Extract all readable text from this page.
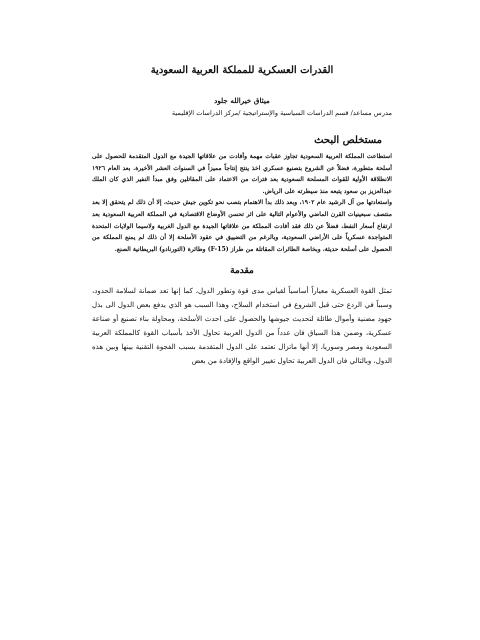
القدرات العسكرية للمملكة العربية السعودية
ميثاق خيرالله جلود
مدرس مساعد/ قسم الدراسات السياسية والإستراتيجية /مركز الدراسات الإقليمية
مستخلص البحث

استطاعت المملكة العربية السعودية تجاوز عقبات مهمة وأفادت من علاقاتها الجيدة مع الدول المتقدمة للحصول على أسلحة متطورة، فضلاً عن الشروع بتصنيع عسكري اخذ ينتج إنتاجاً مميزاً في السنوات العشر الأخيرة. بعد العام ١٩٢٦ الانطلاقة الأولية للقوات المسلحة السعودية بعد فترات من الاعتماد على المقاتلين وفق مبدأ النفير الذي كان الملك عبدالعزيز بن سعود يتبعه منذ سيطرته على الرياض.

واستعادتها من آل الرشيد عام ١٩٠٢، وبعد ذلك بدأ الاهتمام بتصب نحو تكوين جيش حديث، إلا أن ذلك لم يتحقق إلا بعد منتصف سبعينيات القرن الماضي والأعوام التالية على اثر تحسن الأوضاع الاقتصادية في المملكة العربية السعودية بعد ارتفاع أسعار النفط، فضلاً عن ذلك فقد أفادت المملكة من علاقاتها الجيدة مع الدول الغربية ولاسيما الولايات المتحدة المتواجدة عسكرياً على الأراضي السعودية، وبالرغم من التضييق في عقود الأسلحة إلا أن ذلك لم يمنع المملكة من الحصول على أسلحة حديثة، وبخاصة الطائرات المقاتلة من طراز (F-15) وطائرة (التورنادو) البريطانية الصنع.

مقدمة

تمثل القوة العسكرية معياراً أساسياً لقياس مدى قوة وتطور الدول، كما إنها تعد ضمانة لسلامة الحدود، وسبباً في الردع حتى قبل الشروع في استخدام السلاح، وهذا السبب هو الذي يدفع بعض الدول الى بذل جهود مضنية وأموال طائلة لتحديث جيوشها والحصول على احدث الأسلحة، ومحاولة بناء تصنيع أو صناعة عسكرية، وضمن هذا السياق فان عدداً من الدول العربية تحاول الأخذ بأسباب القوة كالمملكة العربية السعودية ومصر وسوريا، إلا أنها ماتزال تعتمد على الدول المتقدمة بسبب الفجوة التقنية بينها وبين هذه الدول، وبالتالي فان الدول العربية تحاول تغيير الواقع والإفادة من بعض
